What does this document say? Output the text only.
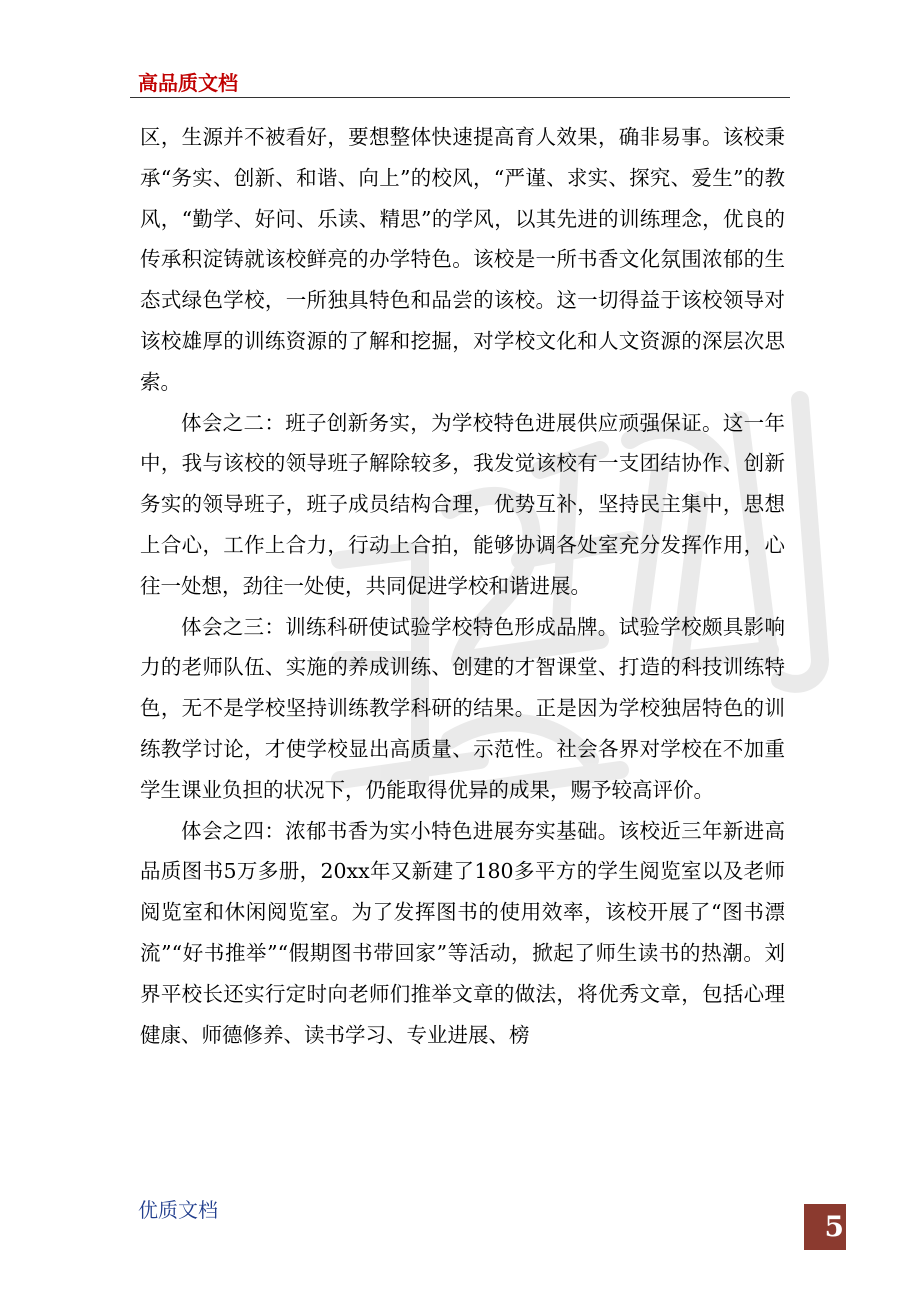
高品质文档

区，生源并不被看好，要想整体快速提高育人效果，确非易事。该校秉承“务实、创新、和谐、向上”的校风，“严谨、求实、探究、爱生”的教风，“勤学、好问、乐读、精思”的学风，以其先进的训练理念，优良的传承积淀铸就该校鲜亮的办学特色。该校是一所书香文化氛围浓郁的生态式绿色学校，一所独具特色和品尝的该校。这一切得益于该校领导对该校雄厚的训练资源的了解和挖掘，对学校文化和人文资源的深层次思索。

体会之二：班子创新务实，为学校特色进展供应顽强保证。这一年中，我与该校的领导班子解除较多，我发觉该校有一支团结协作、创新务实的领导班子，班子成员结构合理，优势互补，坚持民主集中，思想上合心，工作上合力，行动上合拍，能够协调各处室充分发挥作用，心往一处想，劲往一处使，共同促进学校和谐进展。

体会之三：训练科研使试验学校特色形成品牌。试验学校颇具影响力的老师队伍、实施的养成训练、创建的才智课堂、打造的科技训练特色，无不是学校坚持训练教学科研的结果。正是因为学校独居特色的训练教学讨论，才使学校显出高质量、示范性。社会各界对学校在不加重学生课业负担的状况下，仍能取得优异的成果，赐予较高评价。

体会之四：浓郁书香为实小特色进展夯实基础。该校近三年新进高品质图书5万多册，20xx年又新建了180多平方的学生阅览室以及老师阅览室和休闲阅览室。为了发挥图书的使用效率，该校开展了“图书漂流”“好书推举”“假期图书带回家”等活动，掀起了师生读书的热潮。刘界平校长还实行定时向老师们推举文章的做法，将优秀文章，包括心理健康、师德修养、读书学习、专业进展、榜

优质文档	5
